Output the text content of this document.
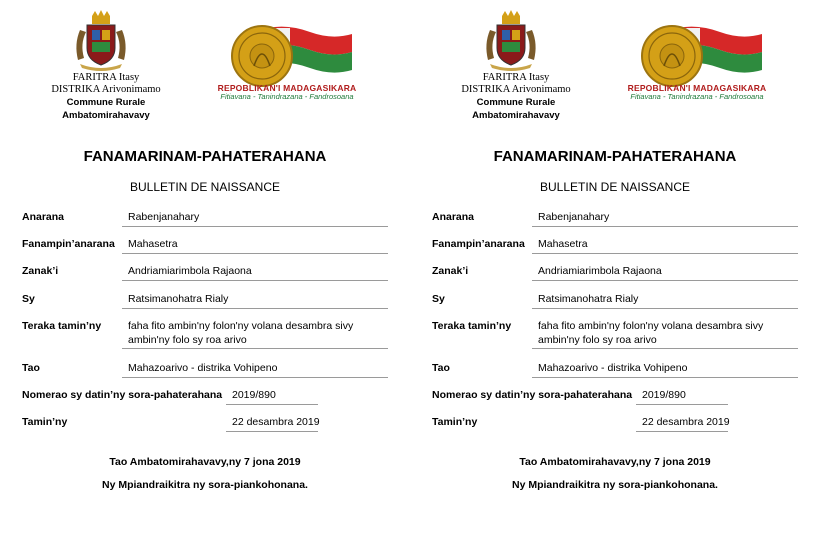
FARITRA Itasy
DISTRIKA Arivonimamo
Commune Rurale
Ambatomirahavavy
REPOBLIKAN'I MADAGASIKARA
Fitiavana - Tanindrazana - Fandrosoana
FANAMARINAM-PAHATERAHANA
BULLETIN DE NAISSANCE
Anarana	Rabenjanahary
Fanampin’anarana Mahasetra
Zanak’i	Andriamiarimbola Rajaona
Sy	Ratsimanohatra Rialy
Teraka tamin’ny	faha fito ambin'ny folon'ny volana desambra sivy
ambin'ny folo sy roa arivo
Tao	Mahazoarivo - distrika Vohipeno
Nomerao sy datin’ny sora-pahaterahana 2019/890
Tamin’ny	22 desambra 2019
Tao Ambatomirahavavy,ny 7 jona 2019
Ny Mpiandraikitra ny sora-piankohonana.
FARITRA Itasy
DISTRIKA Arivonimamo
Commune Rurale
Ambatomirahavavy
REPOBLIKAN'I MADAGASIKARA
Fitiavana - Tanindrazana - Fandrosoana
FANAMARINAM-PAHATERAHANA
BULLETIN DE NAISSANCE
Anarana	Rabenjanahary
Fanampin’anarana Mahasetra
Zanak’i	Andriamiarimbola Rajaona
Sy	Ratsimanohatra Rialy
Teraka tamin’ny	faha fito ambin'ny folon'ny volana desambra sivy
ambin'ny folo sy roa arivo
Tao	Mahazoarivo - distrika Vohipeno
Nomerao sy datin’ny sora-pahaterahana 2019/890
Tamin’ny	22 desambra 2019
Tao Ambatomirahavavy,ny 7 jona 2019
Ny Mpiandraikitra ny sora-piankohonana.
